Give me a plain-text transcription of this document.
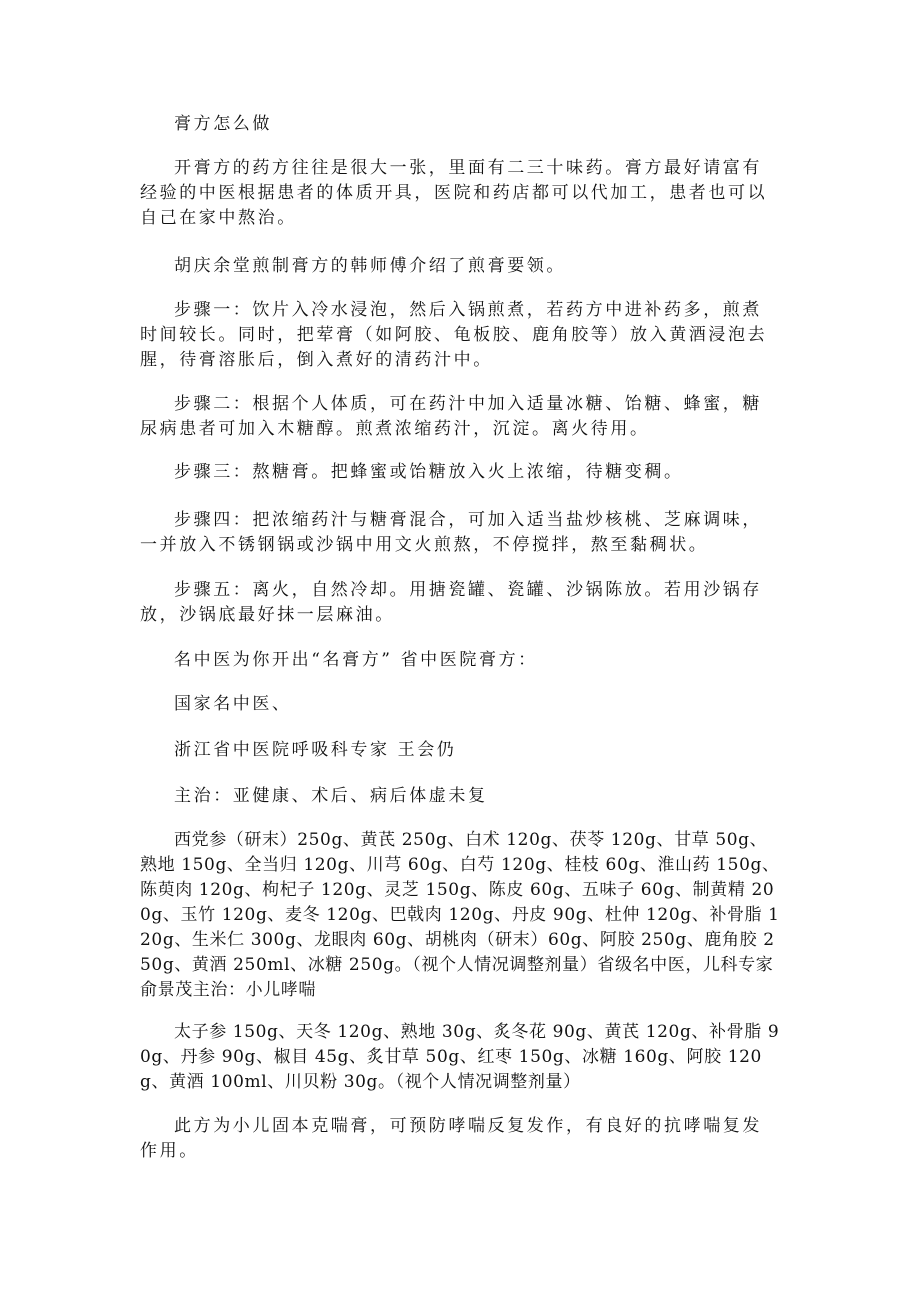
膏方怎么做

开膏方的药方往往是很大一张，里面有二三十味药。膏方最好请富有经验的中医根据患者的体质开具，医院和药店都可以代加工，患者也可以自己在家中熬治。

胡庆余堂煎制膏方的韩师傅介绍了煎膏要领。

步骤一：饮片入冷水浸泡，然后入锅煎煮，若药方中进补药多，煎煮时间较长。同时，把荤膏（如阿胶、龟板胶、鹿角胶等）放入黄酒浸泡去腥，待膏溶胀后，倒入煮好的清药汁中。

步骤二：根据个人体质，可在药汁中加入适量冰糖、饴糖、蜂蜜，糖尿病患者可加入木糖醇。煎煮浓缩药汁，沉淀。离火待用。

步骤三：熬糖膏。把蜂蜜或饴糖放入火上浓缩，待糖变稠。

步骤四：把浓缩药汁与糖膏混合，可加入适当盐炒核桃、芝麻调味，一并放入不锈钢锅或沙锅中用文火煎熬，不停搅拌，熬至黏稠状。

步骤五：离火，自然冷却。用搪瓷罐、瓷罐、沙锅陈放。若用沙锅存放，沙锅底最好抹一层麻油。

名中医为你开出“名膏方” 省中医院膏方：

国家名中医、

浙江省中医院呼吸科专家 王会仍

主治：亚健康、术后、病后体虚未复

西党参（研末）250g、黄芪 250g、白术 120g、茯苓 120g、甘草 50g、熟地 150g、全当归 120g、川芎 60g、白芍 120g、桂枝 60g、淮山药 150g、陈萸肉 120g、枸杞子 120g、灵芝 150g、陈皮 60g、五味子 60g、制黄精 200g、玉竹 120g、麦冬 120g、巴戟肉 120g、丹皮 90g、杜仲 120g、补骨脂 120g、生米仁 300g、龙眼肉 60g、胡桃肉（研末）60g、阿胶 250g、鹿角胶 250g、黄酒 250ml、冰糖 250g。（视个人情况调整剂量）省级名中医，儿科专家俞景茂主治：小儿哮喘

太子参 150g、天冬 120g、熟地 30g、炙冬花 90g、黄芪 120g、补骨脂 90g、丹参 90g、椒目 45g、炙甘草 50g、红枣 150g、冰糖 160g、阿胶 120g、黄酒 100ml、川贝粉 30g。（视个人情况调整剂量）

此方为小儿固本克喘膏，可预防哮喘反复发作，有良好的抗哮喘复发作用。
